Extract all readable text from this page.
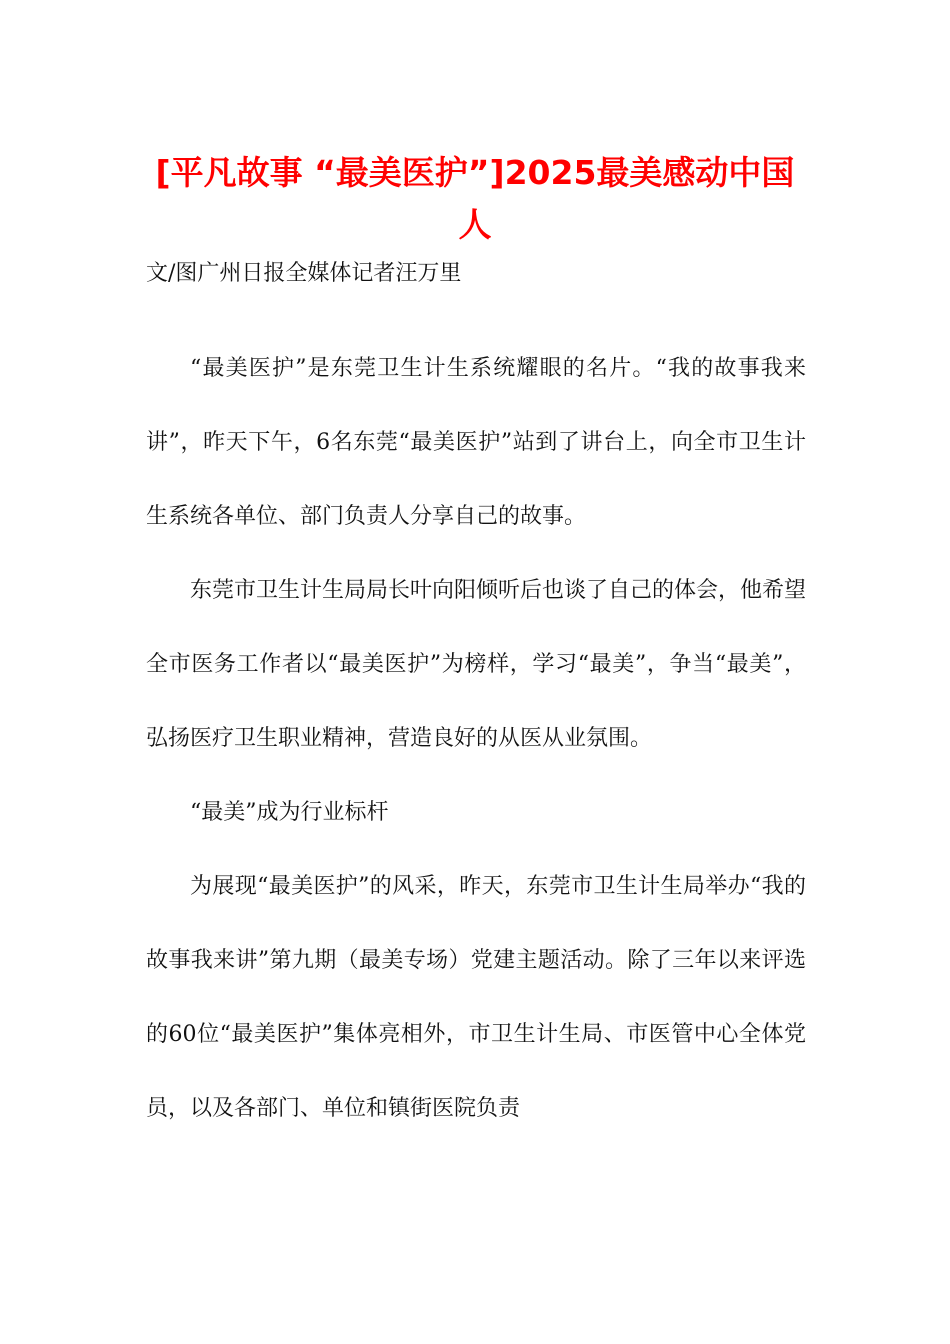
[平凡故事 “最美医护”]2025最美感动中国人

文/图广州日报全媒体记者汪万里

“最美医护”是东莞卫生计生系统耀眼的名片。“我的故事我来讲”，昨天下午，6名东莞“最美医护”站到了讲台上，向全市卫生计生系统各单位、部门负责人分享自己的故事。

东莞市卫生计生局局长叶向阳倾听后也谈了自己的体会，他希望全市医务工作者以“最美医护”为榜样，学习“最美”，争当“最美”，弘扬医疗卫生职业精神，营造良好的从医从业氛围。

“最美”成为行业标杆

为展现“最美医护”的风采，昨天，东莞市卫生计生局举办“我的故事我来讲”第九期（最美专场）党建主题活动。除了三年以来评选的60位“最美医护”集体亮相外，市卫生计生局、市医管中心全体党员，以及各部门、单位和镇街医院负责
